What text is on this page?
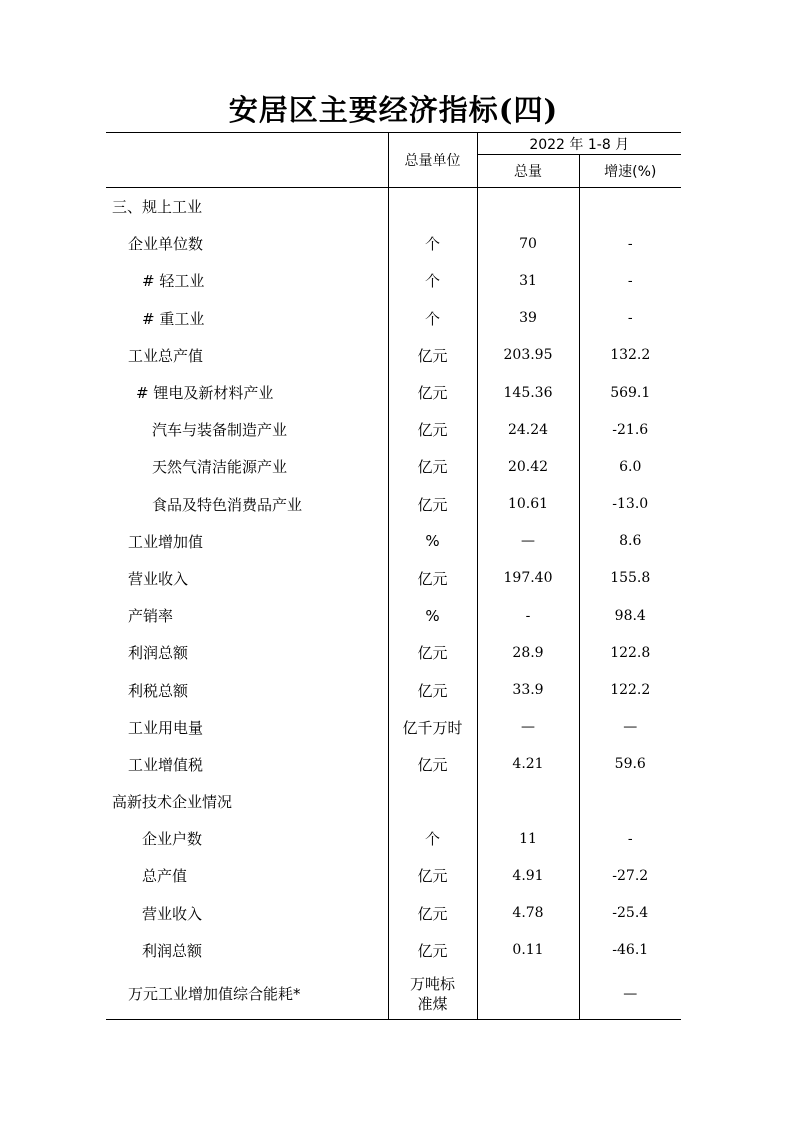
安居区主要经济指标(四)
	总量单位	2022 年 1-8 月	
		总量	增速(%)
三、规上工业			
企业单位数	个	70	-
# 轻工业	个	31	-
# 重工业	个	39	-
工业总产值	亿元	203.95	132.2
# 锂电及新材料产业	亿元	145.36	569.1
汽车与装备制造产业	亿元	24.24	-21.6
天然气清洁能源产业	亿元	20.42	6.0
食品及特色消费品产业	亿元	10.61	-13.0
工业增加值	%	—	8.6
营业收入	亿元	197.40	155.8
产销率	%	-	98.4
利润总额	亿元	28.9	122.8
利税总额	亿元	33.9	122.2
工业用电量	亿千万时	—	—
工业增值税	亿元	4.21	59.6
高新技术企业情况			
企业户数	个	11	-
总产值	亿元	4.91	-27.2
营业收入	亿元	4.78	-25.4
利润总额	亿元	0.11	-46.1
万元工业增加值综合能耗*	万吨标准煤		—
